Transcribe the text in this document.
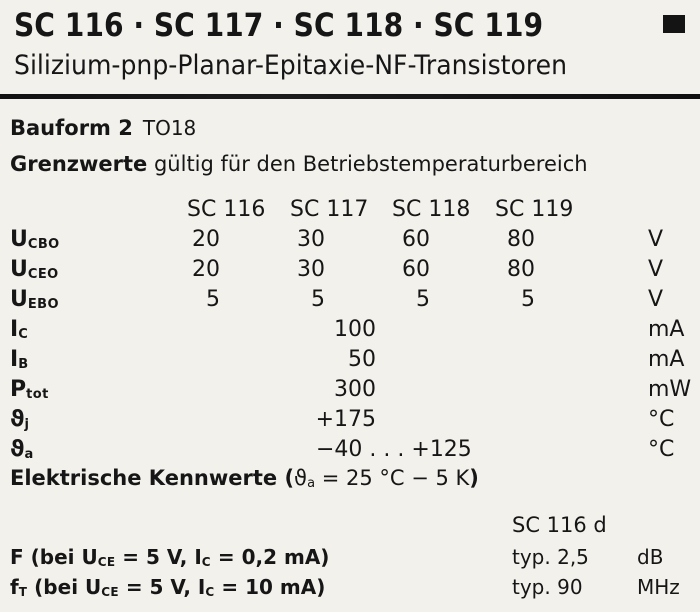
SC 116 · SC 117 · SC 118 · SC 119
Silizium-pnp-Planar-Epitaxie-NF-Transistoren
Bauform 2 TO18
Grenzwerte gültig für den Betriebstemperaturbereich
SC 116	SC 117	SC 118	SC 119
$U_{CBO}$	20	30	60	80	V
$U_{CEO}$	20	30	60	80	V
$U_{EBO}$	5	5	5	5	V
$I_C$	100	mA
$I_B$	50	mA
$P_{tot}$	300	mW
$ϑ_j$	+175	°C
$ϑ_a$	−40 . . . +125	°C
Elektrische Kennwerte ($ϑ_a = 25$ °C − 5 K)
SC 116 d
F (bei $U_{CE} = 5$ V, $I_C = 0,2$ mA)	typ. 2,5	dB
$f_T$ (bei $U_{CE} = 5$ V, $I_C = 10$ mA)	typ. 90	MHz
